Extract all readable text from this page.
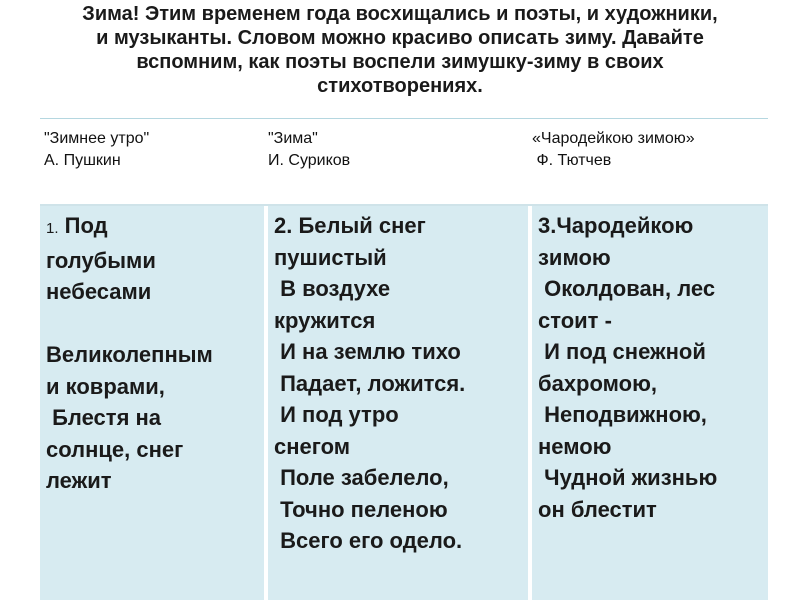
Зима! Этим временем года восхищались и поэты, и художники,
и музыканты. Словом можно красиво описать зиму. Давайте
вспомним, как поэты воспели зимушку-зиму в своих
стихотворениях.
"Зимнее утро"
А. Пушкин
"Зима"
И. Суриков
«Чародейкою зимою»
Ф. Тютчев
1. Под
голубыми
небесами

Великолепным
и коврами,
Блестя на
солнце, снег
лежит
2. Белый снег
пушистый
В воздухе
кружится
И на землю тихо
Падает, ложится.
И под утро
снегом
Поле забелело,
Точно пеленою
Всего его одело.
3.Чародейкою
зимою
Околдован, лес
стоит -
И под снежной
бахромою,
Неподвижною,
немою
Чудной жизнью
он блестит
